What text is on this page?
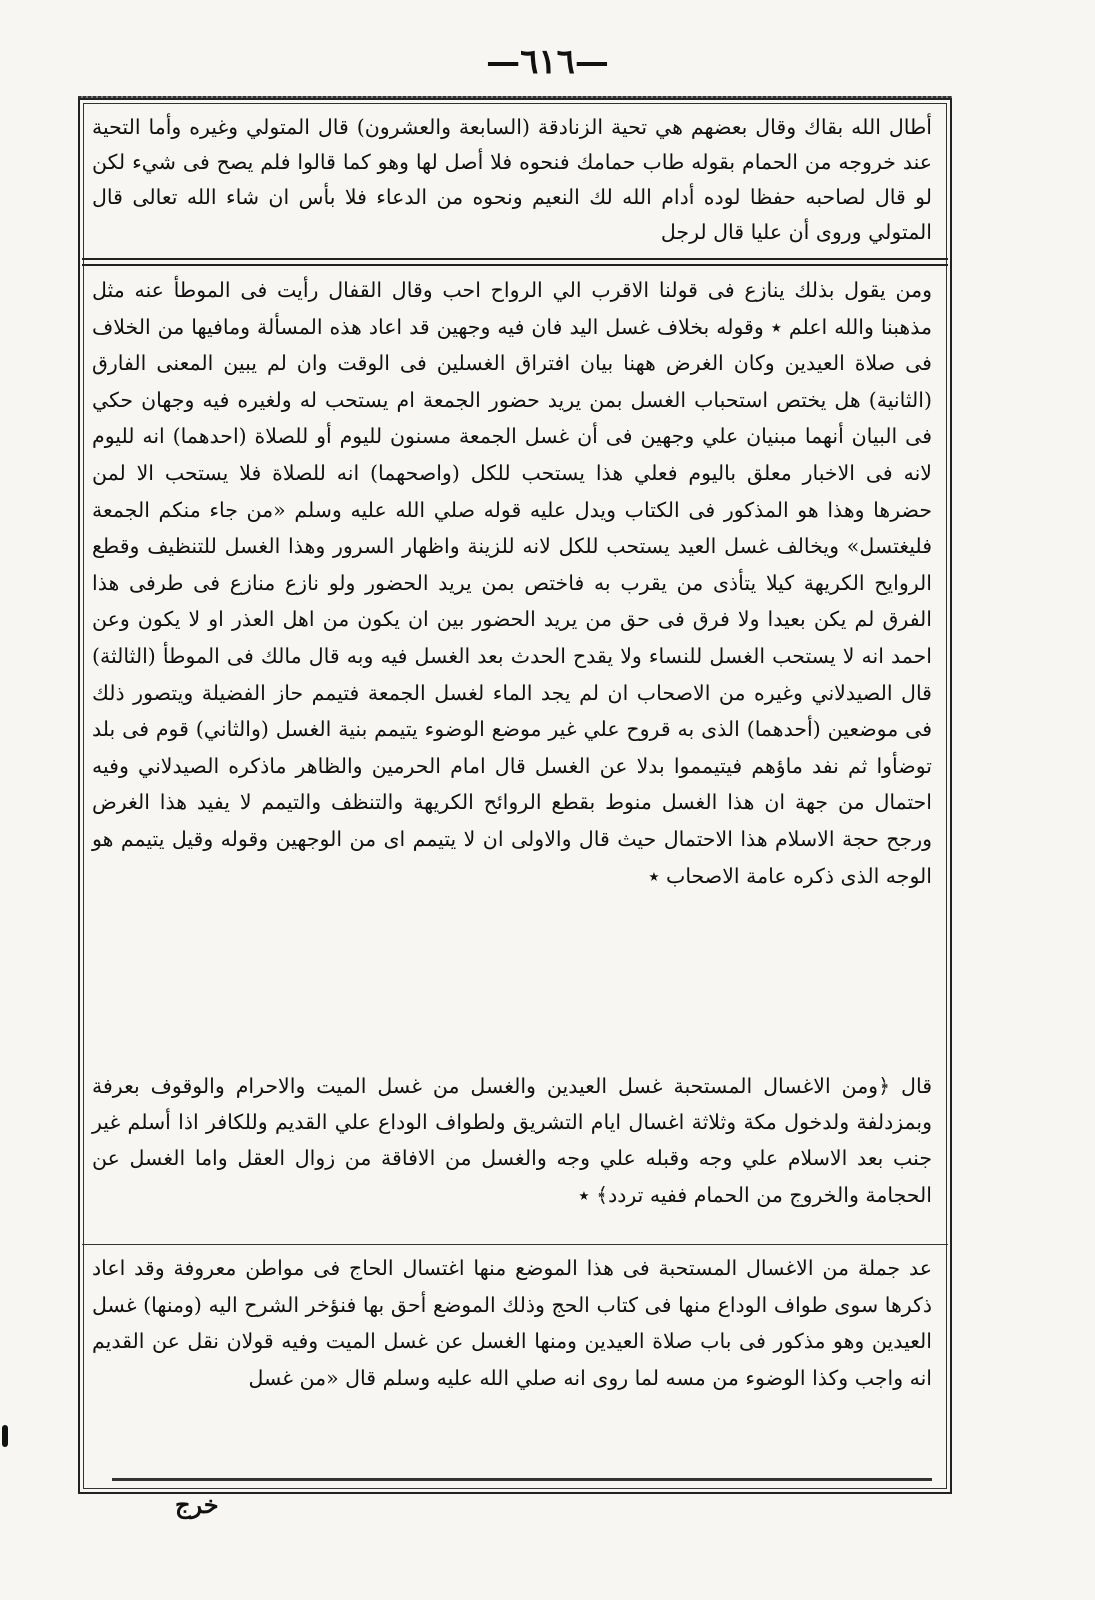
—٦١٦—

أطال الله بقاك وقال بعضهم هي تحية الزنادقة (السابعة والعشرون) قال المتولي وغيره وأما التحية عند خروجه من الحمام بقوله طاب حمامك فنحوه فلا أصل لها وهو كما قالوا فلم يصح فى شيء لكن لو قال لصاحبه حفظا لوده أدام الله لك النعيم ونحوه من الدعاء فلا بأس ان شاء الله تعالى قال المتولي وروى أن عليا قال لرجل

ومن يقول بذلك ينازع فى قولنا الاقرب الي الرواح احب وقال القفال رأيت فى الموطأ عنه مثل مذهبنا والله اعلم ٭ وقوله بخلاف غسل اليد فان فيه وجهين قد اعاد هذه المسألة ومافيها من الخلاف فى صلاة العيدين وكان الغرض ههنا بيان افتراق الغسلين فى الوقت وان لم يبين المعنى الفارق (الثانية) هل يختص استحباب الغسل بمن يريد حضور الجمعة ام يستحب له ولغيره فيه وجهان حكي فى البيان أنهما مبنيان علي وجهين فى أن غسل الجمعة مسنون لليوم أو للصلاة (احدهما) انه لليوم لانه فى الاخبار معلق باليوم فعلي هذا يستحب للكل (واصحهما) انه للصلاة فلا يستحب الا لمن حضرها وهذا هو المذكور فى الكتاب ويدل عليه قوله صلي الله عليه وسلم «من جاء منكم الجمعة فليغتسل» ويخالف غسل العيد يستحب للكل لانه للزينة واظهار السرور وهذا الغسل للتنظيف وقطع الروايح الكريهة كيلا يتأذى من يقرب به فاختص بمن يريد الحضور ولو نازع منازع فى طرفى هذا الفرق لم يكن بعيدا ولا فرق فى حق من يريد الحضور بين ان يكون من اهل العذر او لا يكون وعن احمد انه لا يستحب الغسل للنساء ولا يقدح الحدث بعد الغسل فيه وبه قال مالك فى الموطأ (الثالثة) قال الصيدلاني وغيره من الاصحاب ان لم يجد الماء لغسل الجمعة فتيمم حاز الفضيلة ويتصور ذلك فى موضعين (أحدهما) الذى به قروح علي غير موضع الوضوء يتيمم بنية الغسل (والثاني) قوم فى بلد توضأوا ثم نفد ماؤهم فيتيمموا بدلا عن الغسل قال امام الحرمين والظاهر ماذكره الصيدلاني وفيه احتمال من جهة ان هذا الغسل منوط بقطع الروائح الكريهة والتنظف والتيمم لا يفيد هذا الغرض ورجح حجة الاسلام هذا الاحتمال حيث قال والاولى ان لا يتيمم اى من الوجهين وقوله وقيل يتيمم هو الوجه الذى ذكره عامة الاصحاب ٭

قال ﴿ومن الاغسال المستحبة غسل العيدين والغسل من غسل الميت والاحرام والوقوف بعرفة وبمزدلفة ولدخول مكة وثلاثة اغسال ايام التشريق ولطواف الوداع علي القديم وللكافر اذا أسلم غير جنب بعد الاسلام علي وجه وقبله علي وجه والغسل من الافاقة من زوال العقل واما الغسل عن الحجامة والخروج من الحمام ففيه تردد﴾ ٭

عد جملة من الاغسال المستحبة فى هذا الموضع منها اغتسال الحاج فى مواطن معروفة وقد اعاد ذكرها سوى طواف الوداع منها فى كتاب الحج وذلك الموضع أحق بها فنؤخر الشرح اليه (ومنها) غسل العيدين وهو مذكور فى باب صلاة العيدين ومنها الغسل عن غسل الميت وفيه قولان نقل عن القديم انه واجب وكذا الوضوء من مسه لما روى انه صلي الله عليه وسلم قال «من غسل

خرج
